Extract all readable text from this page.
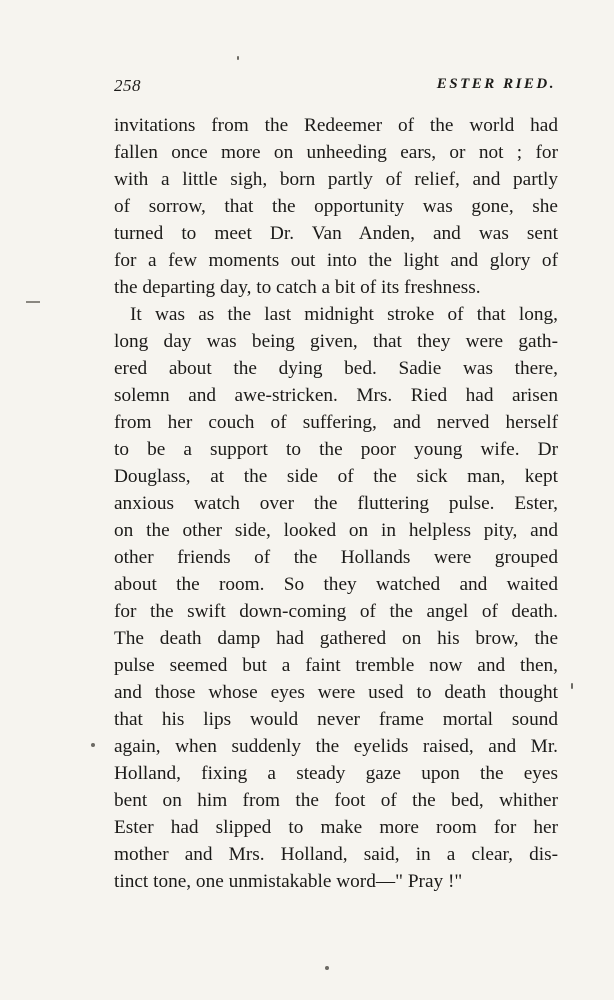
258	ESTER RIED.
invitations from the Redeemer of the world had
fallen once more on unheeding ears, or not ; for
with a little sigh, born partly of relief, and partly
of sorrow, that the opportunity was gone, she
turned to meet Dr. Van Anden, and was sent
for a few moments out into the light and glory of
the departing day, to catch a bit of its freshness.
It was as the last midnight stroke of that long,
long day was being given, that they were gath-
ered about the dying bed. Sadie was there,
solemn and awe-stricken. Mrs. Ried had arisen
from her couch of suffering, and nerved herself
to be a support to the poor young wife. Dr
Douglass, at the side of the sick man, kept
anxious watch over the fluttering pulse. Ester,
on the other side, looked on in helpless pity, and
other friends of the Hollands were grouped
about the room. So they watched and waited
for the swift down-coming of the angel of death.
The death damp had gathered on his brow, the
pulse seemed but a faint tremble now and then,
and those whose eyes were used to death thought
that his lips would never frame mortal sound
again, when suddenly the eyelids raised, and Mr.
Holland, fixing a steady gaze upon the eyes
bent on him from the foot of the bed, whither
Ester had slipped to make more room for her
mother and Mrs. Holland, said, in a clear, dis-
tinct tone, one unmistakable word—" Pray !"
